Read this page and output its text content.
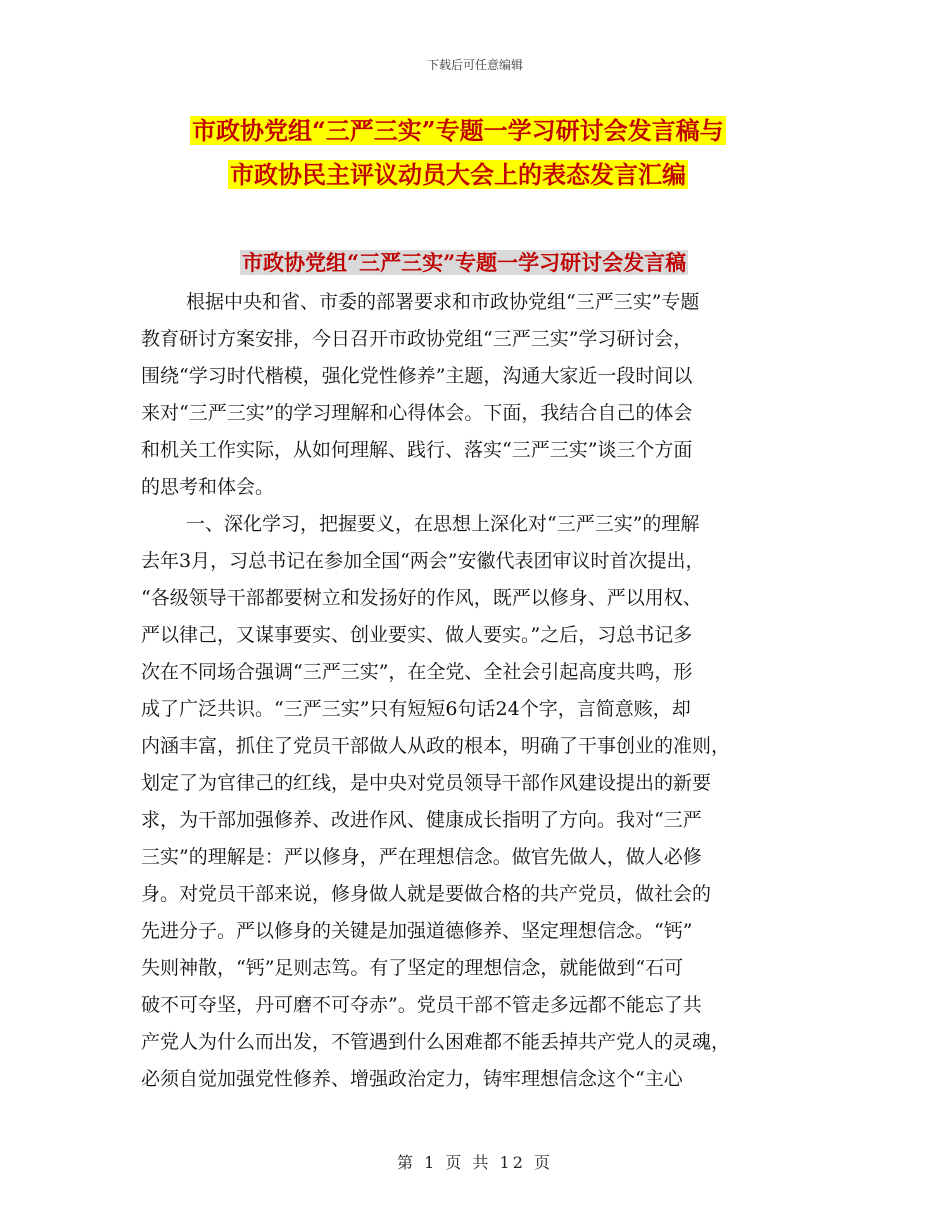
下载后可任意编辑
市政协党组“三严三实”专题一学习研讨会发言稿与
市政协民主评议动员大会上的表态发言汇编
市政协党组“三严三实”专题一学习研讨会发言稿
根据中央和省、市委的部署要求和市政协党组“三严三实”专题
教育研讨方案安排，今日召开市政协党组“三严三实”学习研讨会，
围绕“学习时代楷模，强化党性修养”主题，沟通大家近一段时间以
来对“三严三实”的学习理解和心得体会。下面，我结合自己的体会
和机关工作实际，从如何理解、践行、落实“三严三实”谈三个方面
的思考和体会。
一、深化学习，把握要义，在思想上深化对“三严三实”的理解
去年3月，习总书记在参加全国“两会”安徽代表团审议时首次提出，
“各级领导干部都要树立和发扬好的作风，既严以修身、严以用权、
严以律己，又谋事要实、创业要实、做人要实。”之后，习总书记多
次在不同场合强调“三严三实”，在全党、全社会引起高度共鸣，形
成了广泛共识。“三严三实”只有短短6句话24个字，言简意赅，却
内涵丰富，抓住了党员干部做人从政的根本，明确了干事创业的准则，
划定了为官律己的红线，是中央对党员领导干部作风建设提出的新要
求，为干部加强修养、改进作风、健康成长指明了方向。我对“三严
三实”的理解是：严以修身，严在理想信念。做官先做人，做人必修
身。对党员干部来说，修身做人就是要做合格的共产党员，做社会的
先进分子。严以修身的关键是加强道德修养、坚定理想信念。“钙”
失则神散，“钙”足则志笃。有了坚定的理想信念，就能做到“石可
破不可夺坚，丹可磨不可夺赤”。党员干部不管走多远都不能忘了共
产党人为什么而出发，不管遇到什么困难都不能丢掉共产党人的灵魂，
必须自觉加强党性修养、增强政治定力，铸牢理想信念这个“主心
第 1 页 共 12 页
